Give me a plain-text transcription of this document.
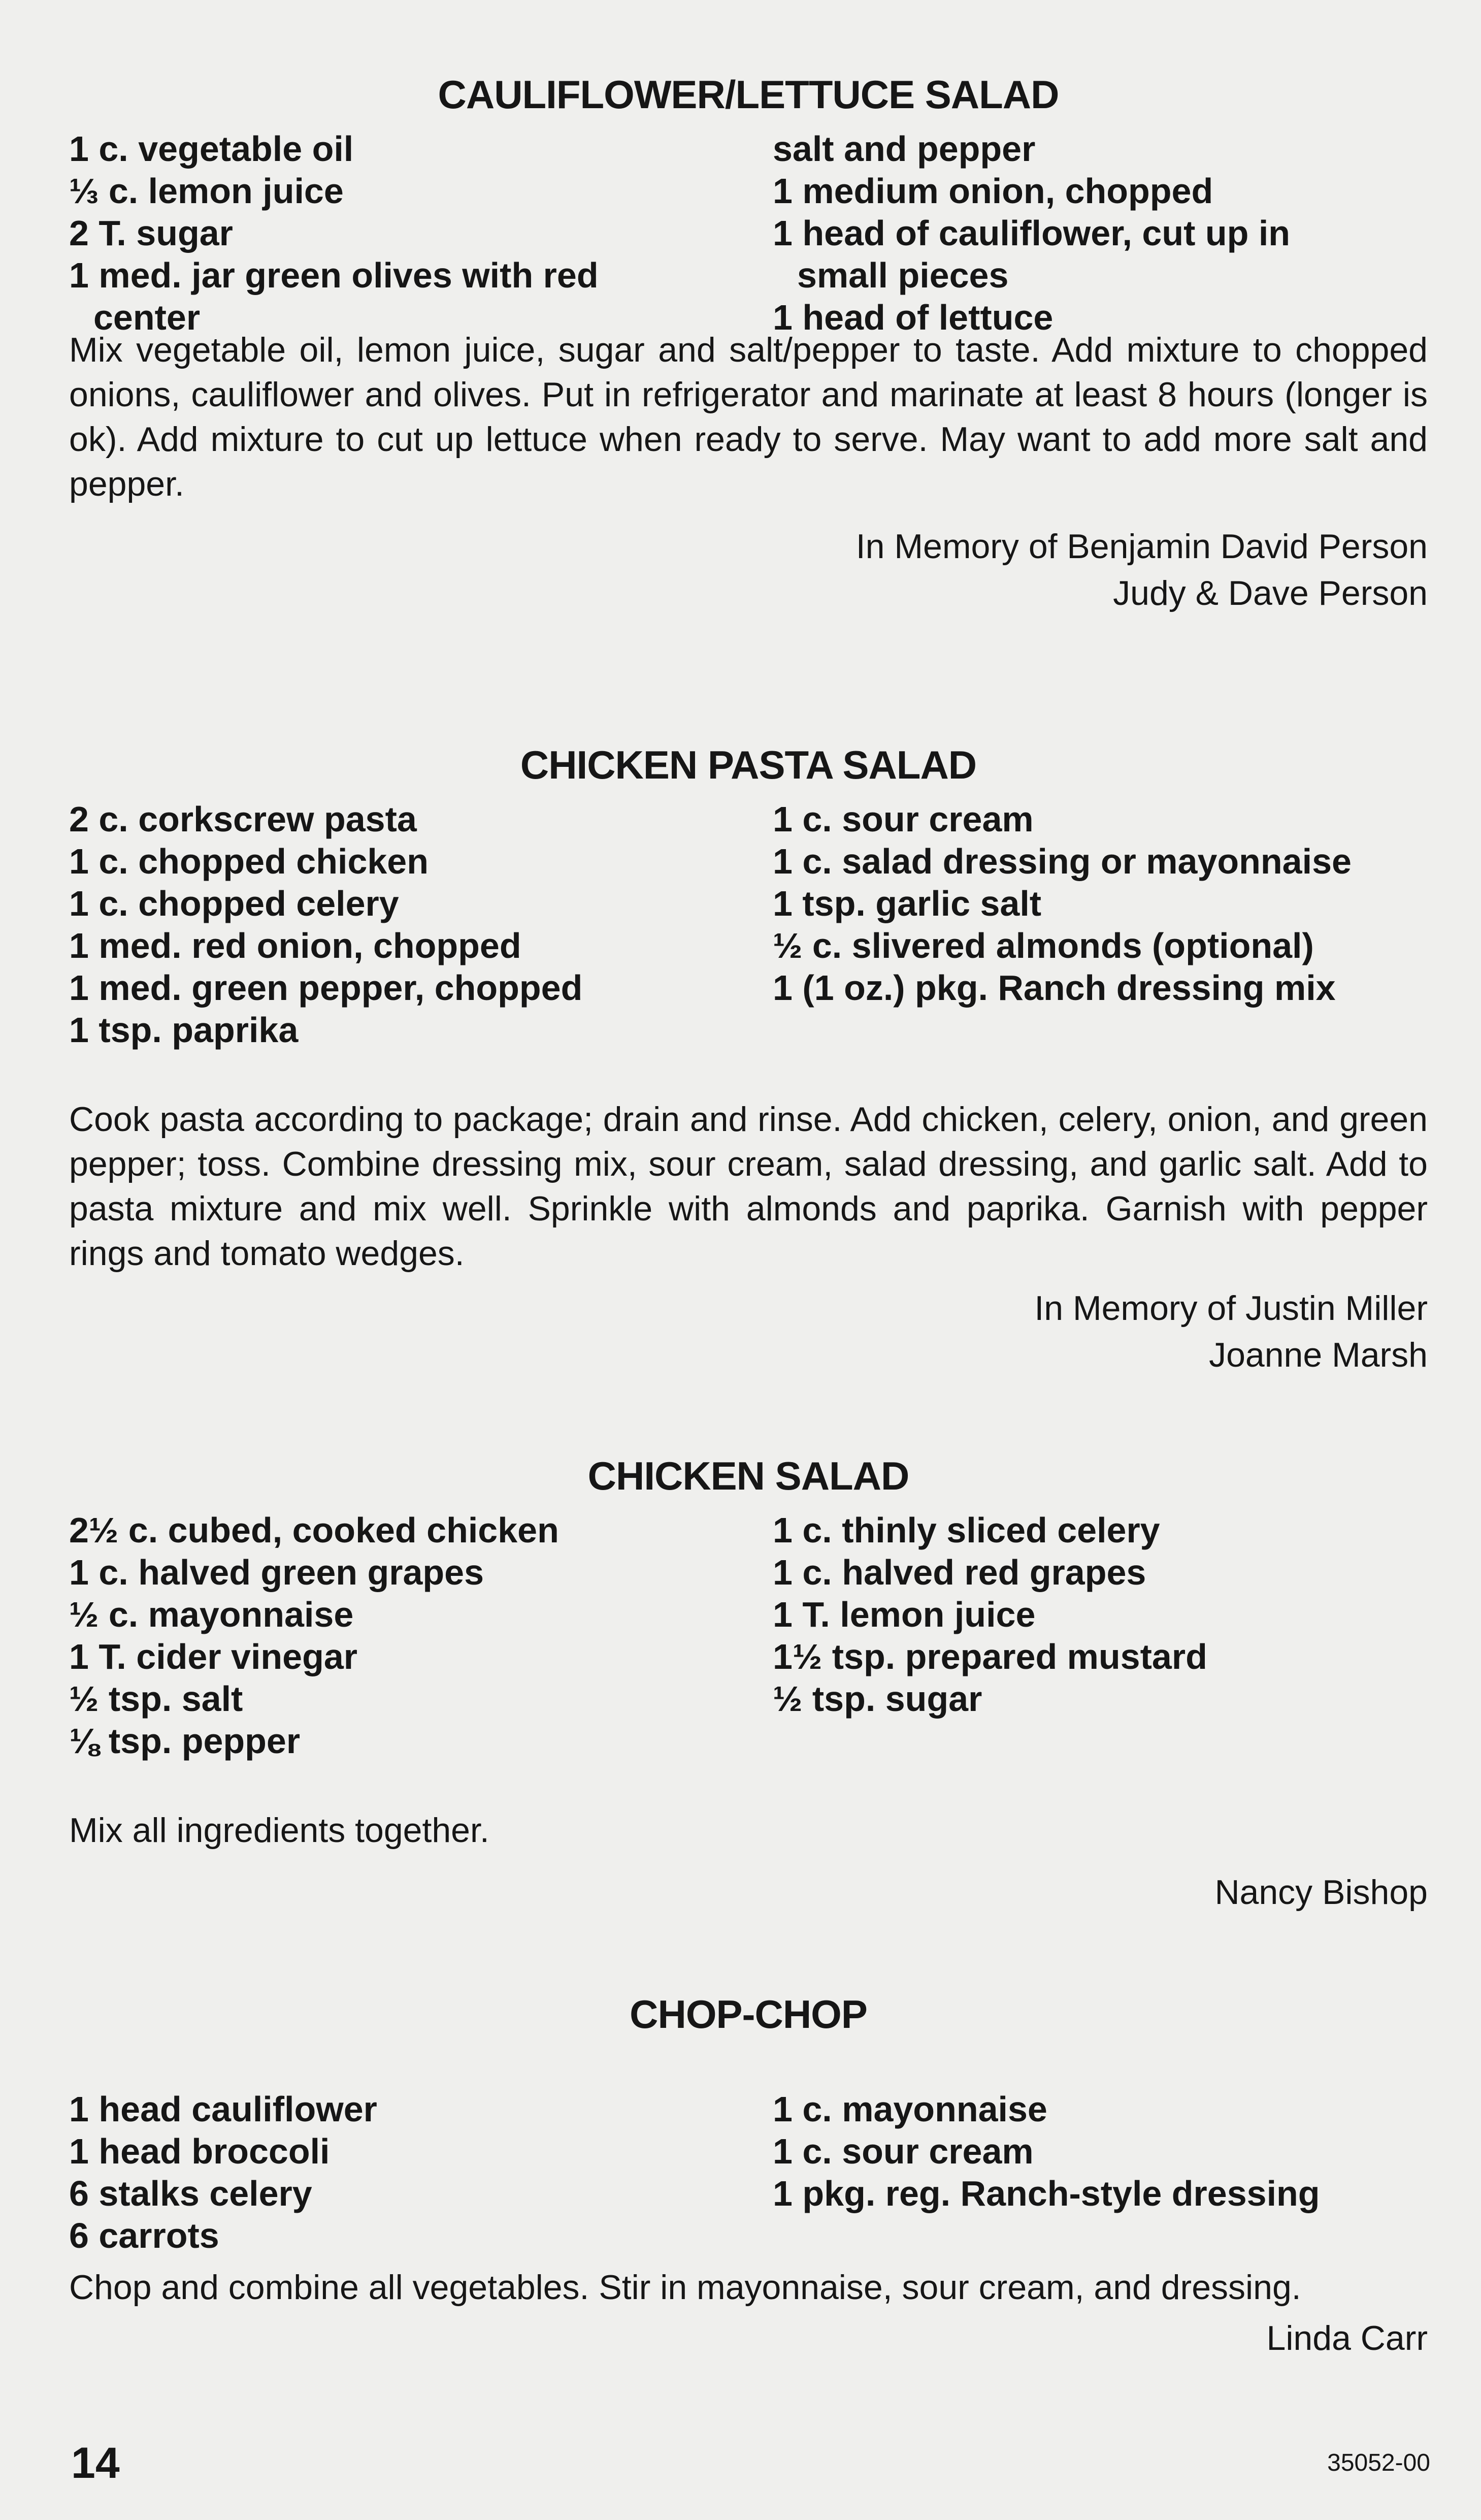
CAULIFLOWER/LETTUCE SALAD
1 c. vegetable oil
⅓ c. lemon juice
2 T. sugar
1 med. jar green olives with red
center
salt and pepper
1 medium onion, chopped
1 head of cauliflower, cut up in
small pieces
1 head of lettuce

Mix vegetable oil, lemon juice, sugar and salt/pepper to taste. Add mixture to chopped onions, cauliflower and olives. Put in refrigerator and marinate at least 8 hours (longer is ok). Add mixture to cut up lettuce when ready to serve. May want to add more salt and pepper.

In Memory of Benjamin David Person
Judy & Dave Person
CHICKEN PASTA SALAD
2 c. corkscrew pasta
1 c. chopped chicken
1 c. chopped celery
1 med. red onion, chopped
1 med. green pepper, chopped
1 tsp. paprika
1 c. sour cream
1 c. salad dressing or mayonnaise
1 tsp. garlic salt
½ c. slivered almonds (optional)
1 (1 oz.) pkg. Ranch dressing mix

Cook pasta according to package; drain and rinse. Add chicken, celery, onion, and green pepper; toss. Combine dressing mix, sour cream, salad dressing, and garlic salt. Add to pasta mixture and mix well. Sprinkle with almonds and paprika. Garnish with pepper rings and tomato wedges.

In Memory of Justin Miller
Joanne Marsh
CHICKEN SALAD
2½ c. cubed, cooked chicken
1 c. halved green grapes
½ c. mayonnaise
1 T. cider vinegar
½ tsp. salt
⅛ tsp. pepper
1 c. thinly sliced celery
1 c. halved red grapes
1 T. lemon juice
1½ tsp. prepared mustard
½ tsp. sugar

Mix all ingredients together.

Nancy Bishop
CHOP-CHOP
1 head cauliflower
1 head broccoli
6 stalks celery
6 carrots
1 c. mayonnaise
1 c. sour cream
1 pkg. reg. Ranch-style dressing

Chop and combine all vegetables. Stir in mayonnaise, sour cream, and dressing.

Linda Carr
14	35052-00
